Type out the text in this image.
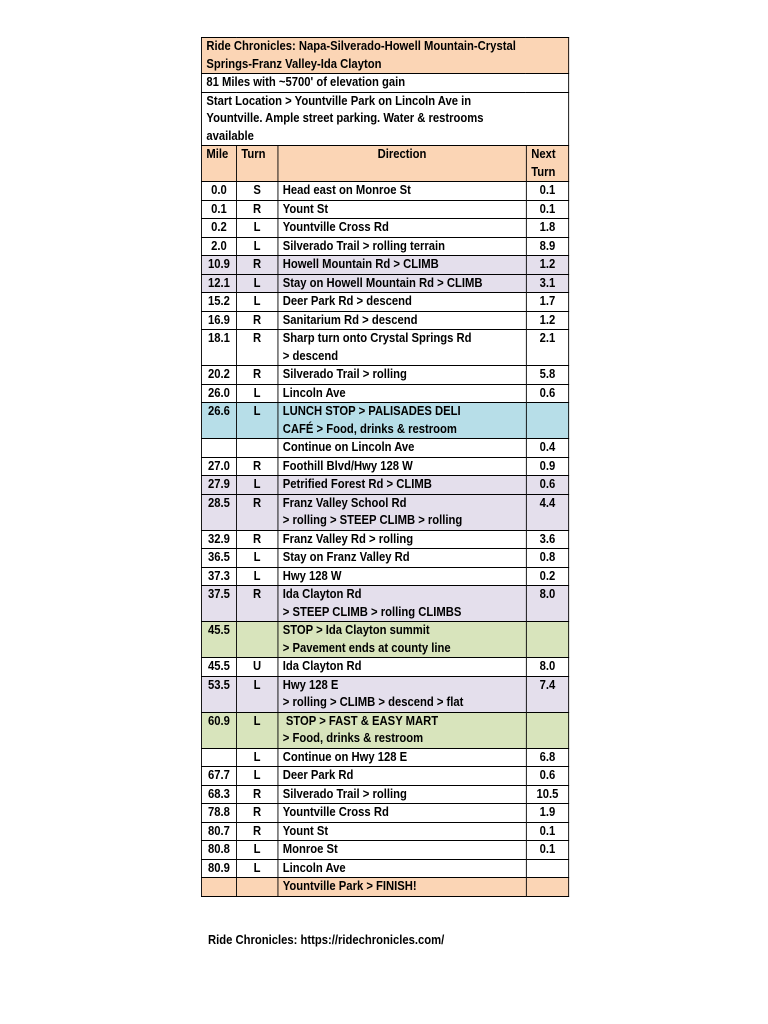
Ride Chronicles: Napa-Silverado-Howell Mountain-Crystal
Springs-Franz Valley-Ida Clayton			

81 Miles with ~5700' of elevation gain			

Start Location > Yountville Park on Lincoln Ave in
Yountville. Ample street parking. Water & restrooms
available			

Mile	Turn	Direction	Next
Turn

0.0	S	Head east on Monroe St	0.1
0.1	R	Yount St	0.1
0.2	L	Yountville Cross Rd	1.8
2.0	L	Silverado Trail > rolling terrain	8.9
10.9	R	Howell Mountain Rd > CLIMB	1.2
12.1	L	Stay on Howell Mountain Rd > CLIMB	3.1
15.2	L	Deer Park Rd > descend	1.7
16.9	R	Sanitarium Rd > descend	1.2
18.1	R	Sharp turn onto Crystal Springs Rd
> descend	2.1
20.2	R	Silverado Trail > rolling	5.8
26.0	L	Lincoln Ave	0.6
26.6	L	LUNCH STOP > PALISADES DELI
CAFÉ > Food, drinks & restroom	

		Continue on Lincoln Ave	0.4
27.0	R	Foothill Blvd/Hwy 128 W	0.9
27.9	L	Petrified Forest Rd > CLIMB	0.6
28.5	R	Franz Valley School Rd
> rolling > STEEP CLIMB > rolling	4.4
32.9	R	Franz Valley Rd > rolling	3.6
36.5	L	Stay on Franz Valley Rd	0.8
37.3	L	Hwy 128 W	0.2
37.5	R	Ida Clayton Rd
> STEEP CLIMB > rolling CLIMBS	8.0
45.5		STOP > Ida Clayton summit
> Pavement ends at county line	

45.5	U	Ida Clayton Rd	8.0
53.5	L	Hwy 128 E
> rolling > CLIMB > descend > flat	7.4
60.9	L	STOP > FAST & EASY MART
> Food, drinks & restroom	

	L	Continue on Hwy 128 E	6.8
67.7	L	Deer Park Rd	0.6
68.3	R	Silverado Trail > rolling	10.5
78.8	R	Yountville Cross Rd	1.9
80.7	R	Yount St	0.1
80.8	L	Monroe St	0.1
80.9	L	Lincoln Ave	

		Yountville Park > FINISH!	

Ride Chronicles: https://ridechronicles.com/
